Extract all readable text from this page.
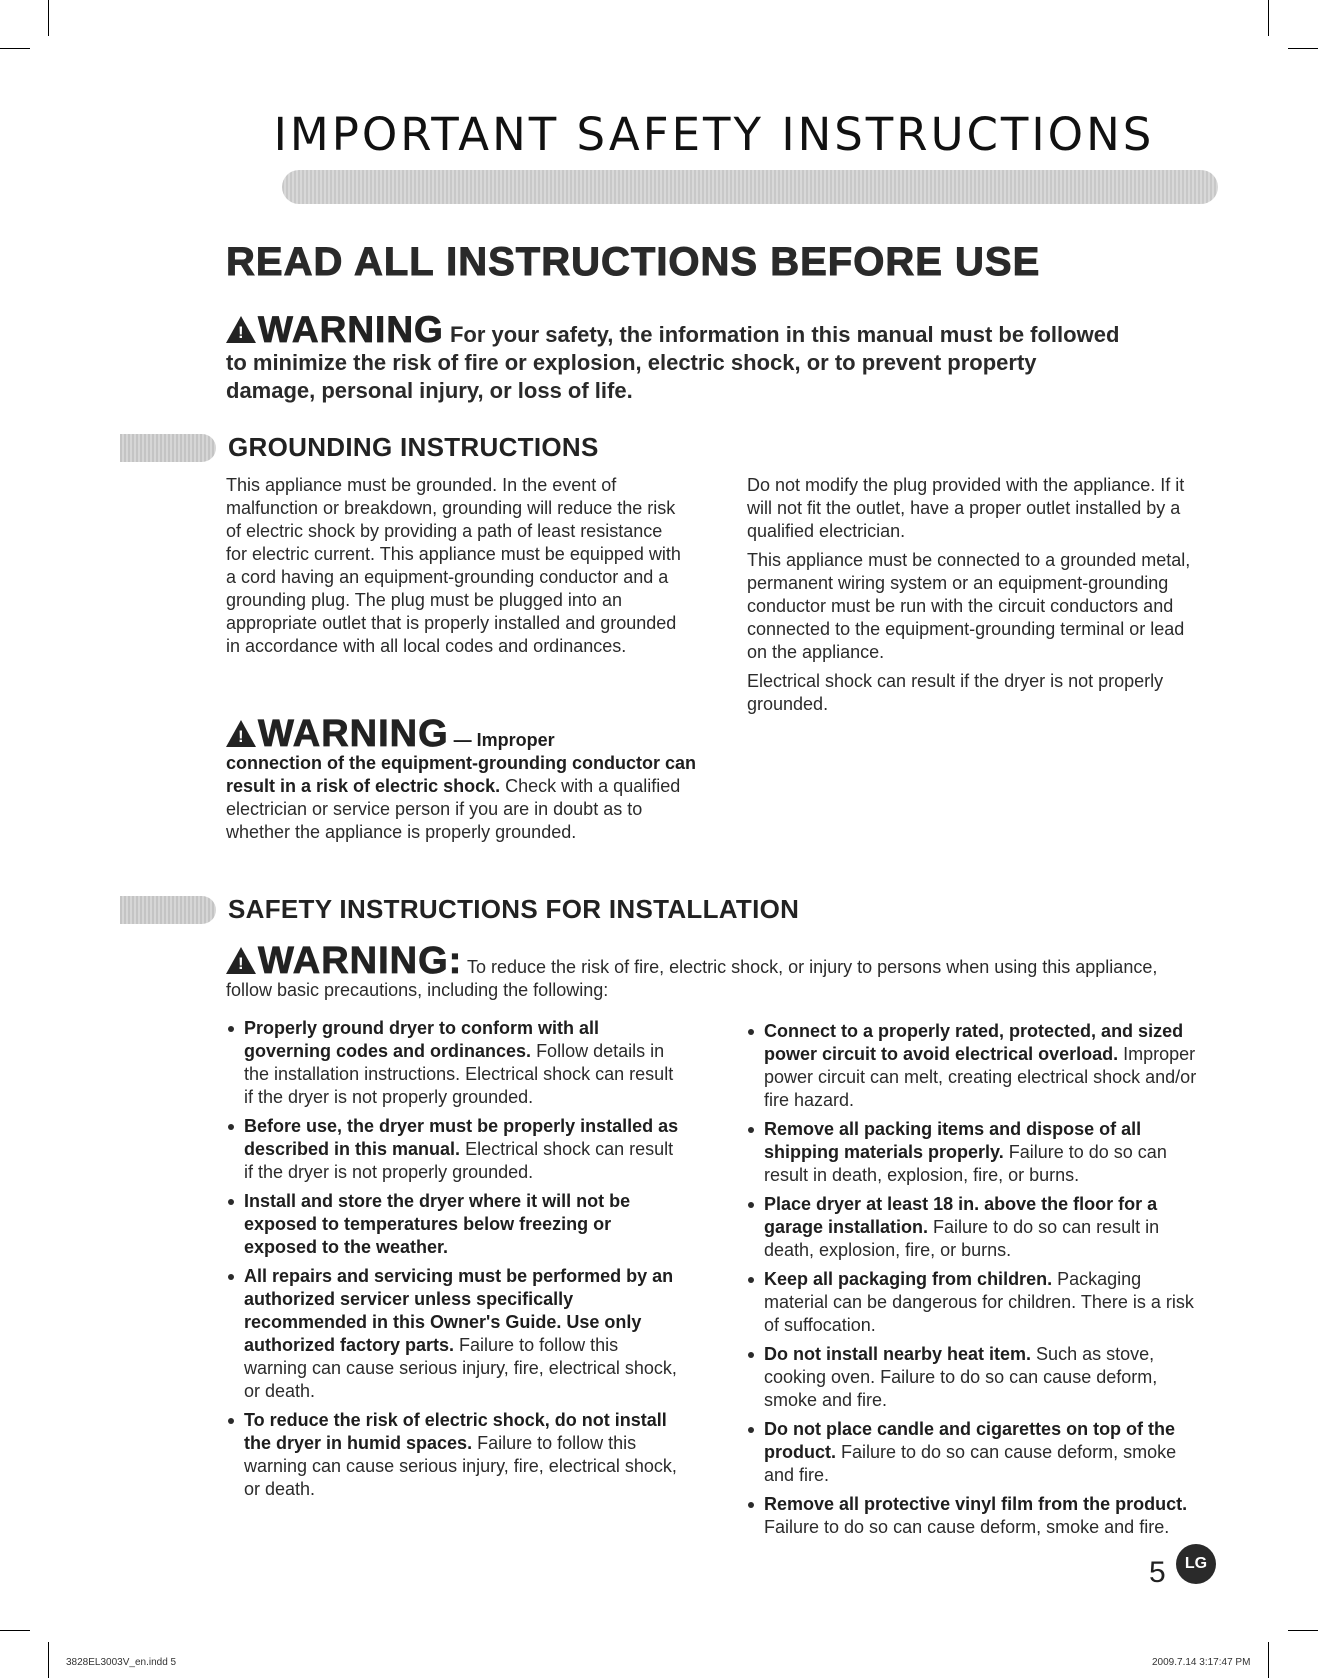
IMPORTANT SAFETY INSTRUCTIONS
READ ALL INSTRUCTIONS BEFORE USE
!WARNING For your safety, the information in this manual must be followed to minimize the risk of fire or explosion, electric shock, or to prevent property damage, personal injury, or loss of life.
GROUNDING INSTRUCTIONS

This appliance must be grounded. In the event of malfunction or breakdown, grounding will reduce the risk of electric shock by providing a path of least resistance for electric current. This appliance must be equipped with a cord having an equipment-grounding conductor and a grounding plug. The plug must be plugged into an appropriate outlet that is properly installed and grounded in accordance with all local codes and ordinances.

!WARNING — Improper
connection of the equipment-grounding conductor can result in a risk of electric shock. Check with a qualified electrician or service person if you are in doubt as to whether the appliance is properly grounded.

Do not modify the plug provided with the appliance. If it will not fit the outlet, have a proper outlet installed by a qualified electrician.

This appliance must be connected to a grounded metal, permanent wiring system or an equipment-grounding conductor must be run with the circuit conductors and connected to the equipment-grounding terminal or lead on the appliance.

Electrical shock can result if the dryer is not properly grounded.

SAFETY INSTRUCTIONS FOR INSTALLATION
!WARNING: To reduce the risk of fire, electric shock, or injury to persons when using this appliance, follow basic precautions, including the following:
Properly ground dryer to conform with all governing codes and ordinances. Follow details in the installation instructions. Electrical shock can result if the dryer is not properly grounded.
Before use, the dryer must be properly installed as described in this manual. Electrical shock can result if the dryer is not properly grounded.
Install and store the dryer where it will not be exposed to temperatures below freezing or exposed to the weather.
All repairs and servicing must be performed by an authorized servicer unless specifically recommended in this Owner's Guide. Use only authorized factory parts. Failure to follow this warning can cause serious injury, fire, electrical shock, or death.
To reduce the risk of electric shock, do not install the dryer in humid spaces. Failure to follow this warning can cause serious injury, fire, electrical shock, or death.
Connect to a properly rated, protected, and sized power circuit to avoid electrical overload. Improper power circuit can melt, creating electrical shock and/or fire hazard.
Remove all packing items and dispose of all shipping materials properly. Failure to do so can result in death, explosion, fire, or burns.
Place dryer at least 18 in. above the floor for a garage installation. Failure to do so can result in death, explosion, fire, or burns.
Keep all packaging from children. Packaging material can be dangerous for children. There is a risk of suffocation.
Do not install nearby heat item. Such as stove, cooking oven. Failure to do so can cause deform, smoke and fire.
Do not place candle and cigarettes on top of the product. Failure to do so can cause deform, smoke and fire.
Remove all protective vinyl film from the product. Failure to do so can cause deform, smoke and fire.
5	LG
3828EL3003V_en.indd 5	2009.7.14 3:17:47 PM
